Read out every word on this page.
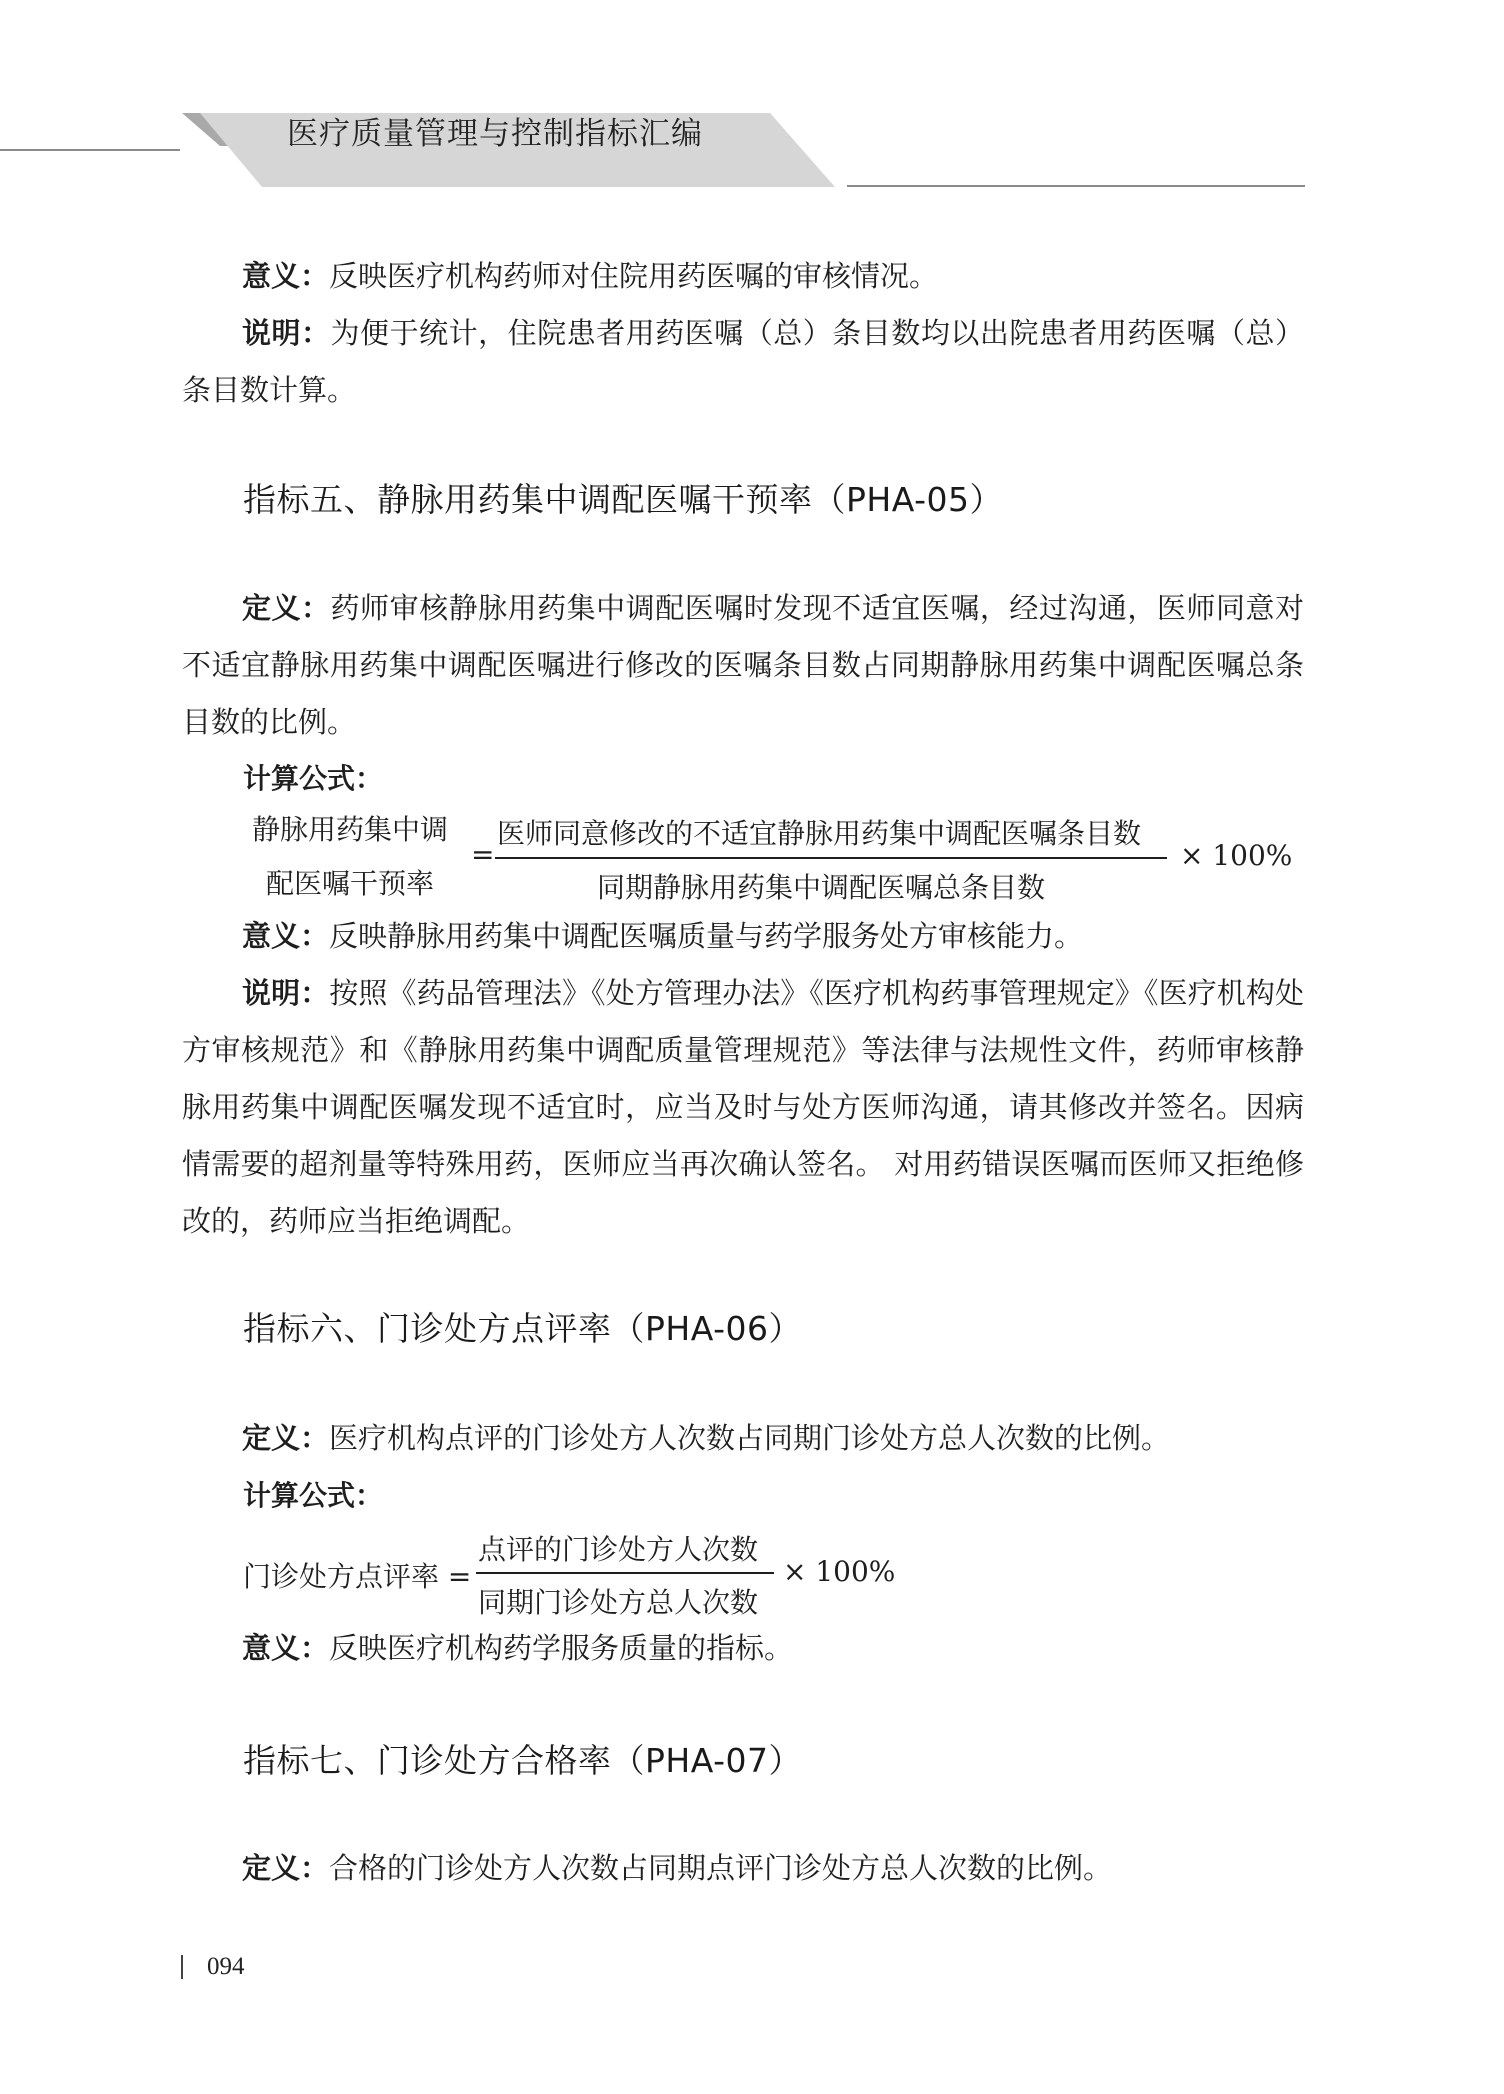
医疗质量管理与控制指标汇编
意义：反映医疗机构药师对住院用药医嘱的审核情况。
说明：为便于统计，住院患者用药医嘱（总）条目数均以出院患者用药医嘱（总）条目数计算。
指标五、静脉用药集中调配医嘱干预率（PHA-05）
定义：药师审核静脉用药集中调配医嘱时发现不适宜医嘱，经过沟通，医师同意对不适宜静脉用药集中调配医嘱进行修改的医嘱条目数占同期静脉用药集中调配医嘱总条目数的比例。
计算公式：
静脉用药集中调
配医嘱干预率
=
医师同意修改的不适宜静脉用药集中调配医嘱条目数
同期静脉用药集中调配医嘱总条目数
× 100%
意义：反映静脉用药集中调配医嘱质量与药学服务处方审核能力。
说明：按照《药品管理法》《处方管理办法》《医疗机构药事管理规定》《医疗机构处方审核规范》和《静脉用药集中调配质量管理规范》等法律与法规性文件，药师审核静脉用药集中调配医嘱发现不适宜时，应当及时与处方医师沟通，请其修改并签名。因病情需要的超剂量等特殊用药，医师应当再次确认签名。 对用药错误医嘱而医师又拒绝修改的，药师应当拒绝调配。
指标六、门诊处方点评率（PHA-06）
定义：医疗机构点评的门诊处方人次数占同期门诊处方总人次数的比例。
计算公式：
门诊处方点评率 =
点评的门诊处方人次数
同期门诊处方总人次数
× 100%
意义：反映医疗机构药学服务质量的指标。
指标七、门诊处方合格率（PHA-07）
定义：合格的门诊处方人次数占同期点评门诊处方总人次数的比例。
094
